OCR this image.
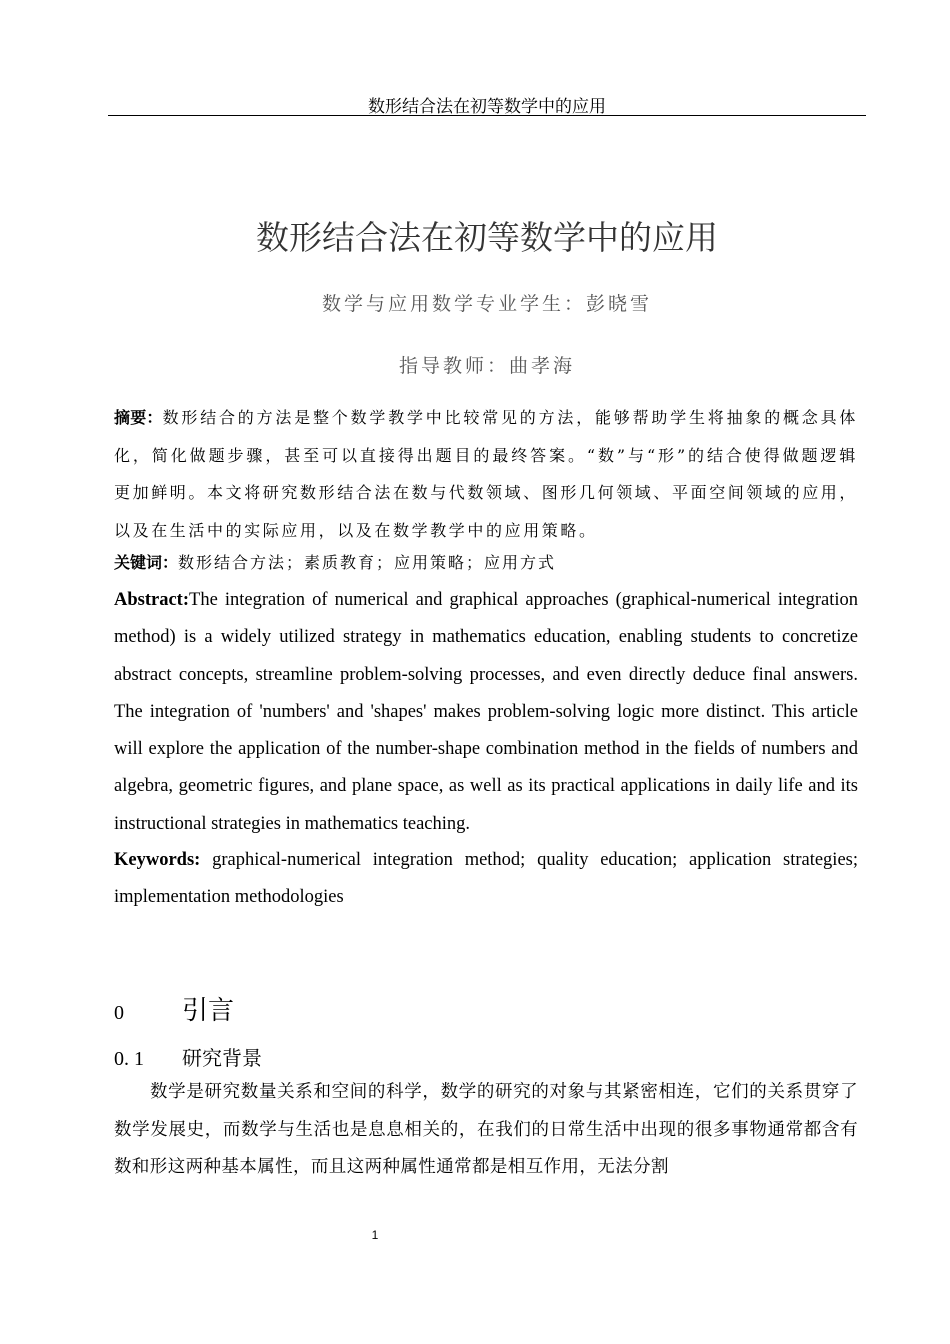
数形结合法在初等数学中的应用
数形结合法在初等数学中的应用
数学与应用数学专业学生：彭晓雪
指导教师：曲孝海
摘要：数形结合的方法是整个数学教学中比较常见的方法，能够帮助学生将抽象的概念具体化，简化做题步骤，甚至可以直接得出题目的最终答案。“数”与“形”的结合使得做题逻辑更加鲜明。本文将研究数形结合法在数与代数领域、图形几何领域、平面空间领域的应用，以及在生活中的实际应用，以及在数学教学中的应用策略。
关键词：数形结合方法；素质教育；应用策略；应用方式
Abstract:The integration of numerical and graphical approaches (graphical-numerical integration method) is a widely utilized strategy in mathematics education, enabling students to concretize abstract concepts, streamline problem-solving processes, and even directly deduce final answers. The integration of 'numbers' and 'shapes' makes problem-solving logic more distinct. This article will explore the application of the number-shape combination method in the fields of numbers and algebra, geometric figures, and plane space, as well as its practical applications in daily life and its instructional strategies in mathematics teaching.
Keywords: graphical-numerical integration method; quality education; application strategies; implementation methodologies
0 引言
0. 1 研究背景
数学是研究数量关系和空间的科学，数学的研究的对象与其紧密相连，它们的关系贯穿了数学发展史，而数学与生活也是息息相关的，在我们的日常生活中出现的很多事物通常都含有数和形这两种基本属性，而且这两种属性通常都是相互作用，无法分割
1
